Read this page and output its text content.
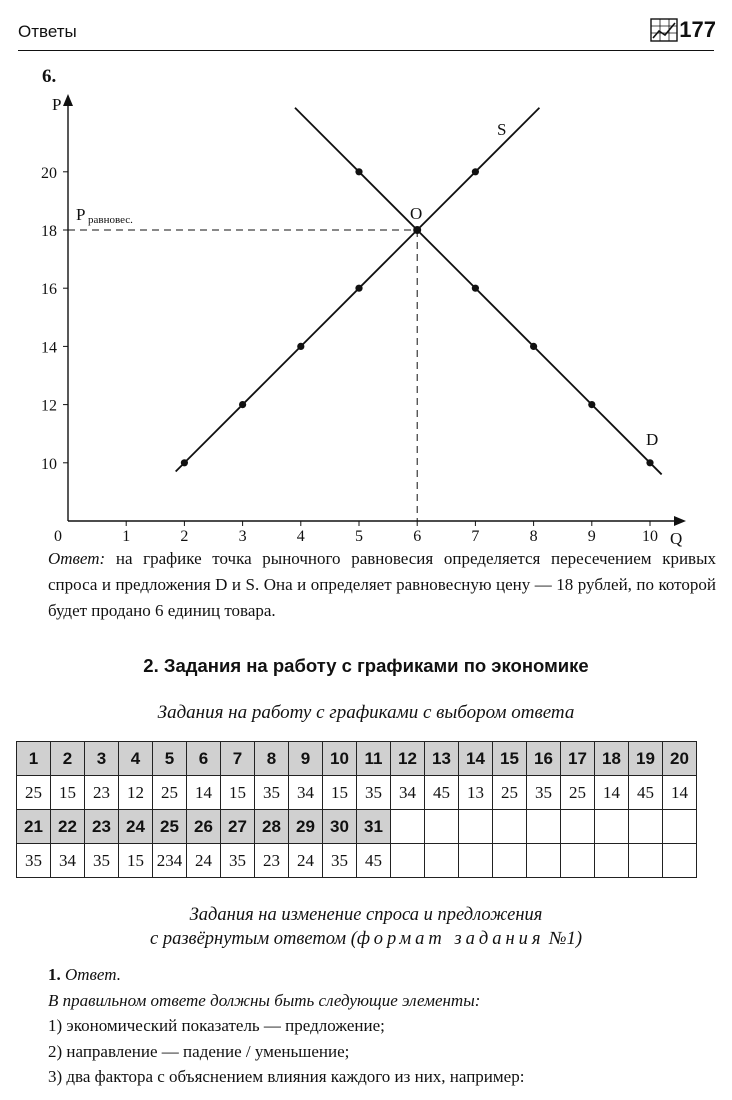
Ответы	177
6.
P
Q
0	1	2	3	4	5	6	7	8	9	10
10
12
14
16
18
20
S
D
O
P равновес.
Ответ: на графике точка рыночного равновесия определяется пересечением кривых спроса и предложения D и S. Она и определяет равновесную цену — 18 рублей, по которой будет продано 6 единиц товара.
2. Задания на работу с графиками по экономике
Задания на работу с графиками с выбором ответа
1	2	3	4	5	6	7	8	9	10	11	12	13	14	15	16	17	18	19	20
25	15	23	12	25	14	15	35	34	15	35	34	45	13	25	35	25	14	45	14
21	22	23	24	25	26	27	28	29	30	31									
35	34	35	15	234	24	35	23	24	35	45									
Задания на изменение спроса и предложения
с развёрнутым ответом (формат задания №1)
1. Ответ.
В правильном ответе должны быть следующие элементы:
1) экономический показатель — предложение;
2) направление — падение / уменьшение;
3) два фактора с объяснением влияния каждого из них, например:
